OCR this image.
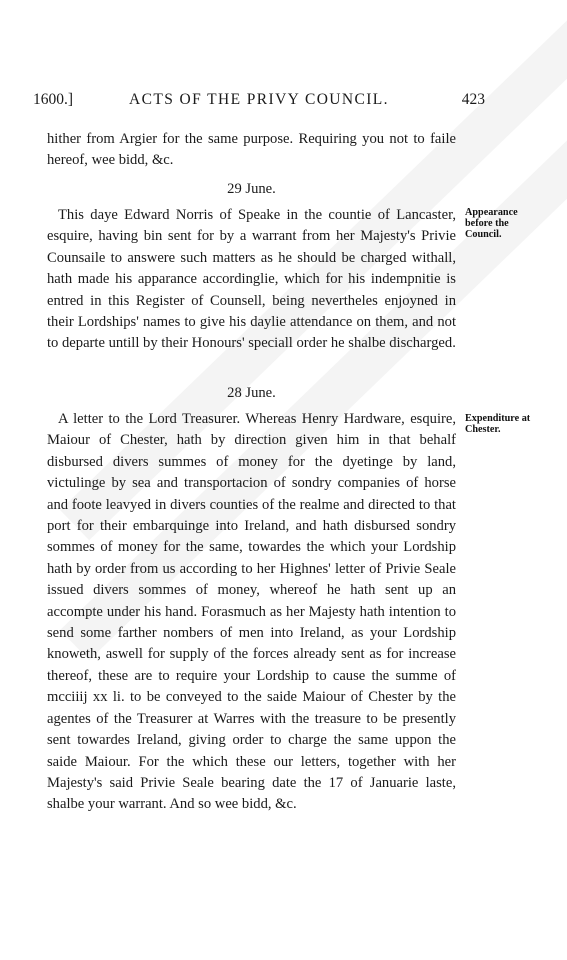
1600.]	ACTS OF THE PRIVY COUNCIL.	423

hither from Argier for the same purpose. Requiring you not to faile hereof, wee bidd, &c.

29 June.

This daye Edward Norris of Speake in the countie of Lancaster, esquire, having bin sent for by a warrant from her Majesty's Privie Counsaile to answere such matters as he should be charged withall, hath made his apparance accordinglie, which for his indempnitie is entred in this Register of Counsell, being nevertheles enjoyned in their Lordships' names to give his daylie attendance on them, and not to departe untill by their Honours' speciall order he shalbe discharged.

Appearance before the Council.
28 June.

A letter to the Lord Treasurer. Whereas Henry Hardware, esquire, Maiour of Chester, hath by direction given him in that behalf disbursed divers summes of money for the dyetinge by land, victulinge by sea and transportacion of sondry companies of horse and foote leavyed in divers counties of the realme and directed to that port for their embarquinge into Ireland, and hath disbursed sondry sommes of money for the same, towardes the which your Lordship hath by order from us according to her Highnes' letter of Privie Seale issued divers sommes of money, whereof he hath sent up an accompte under his hand. Forasmuch as her Majesty hath intention to send some farther nombers of men into Ireland, as your Lordship knoweth, aswell for supply of the forces already sent as for increase thereof, these are to require your Lordship to cause the summe of mcciiij xx li. to be conveyed to the saide Maiour of Chester by the agentes of the Treasurer at Warres with the treasure to be presently sent towardes Ireland, giving order to charge the same uppon the saide Maiour. For the which these our letters, together with her Majesty's said Privie Seale bearing date the 17 of Januarie laste, shalbe your warrant. And so wee bidd, &c.

Expenditure at Chester.
